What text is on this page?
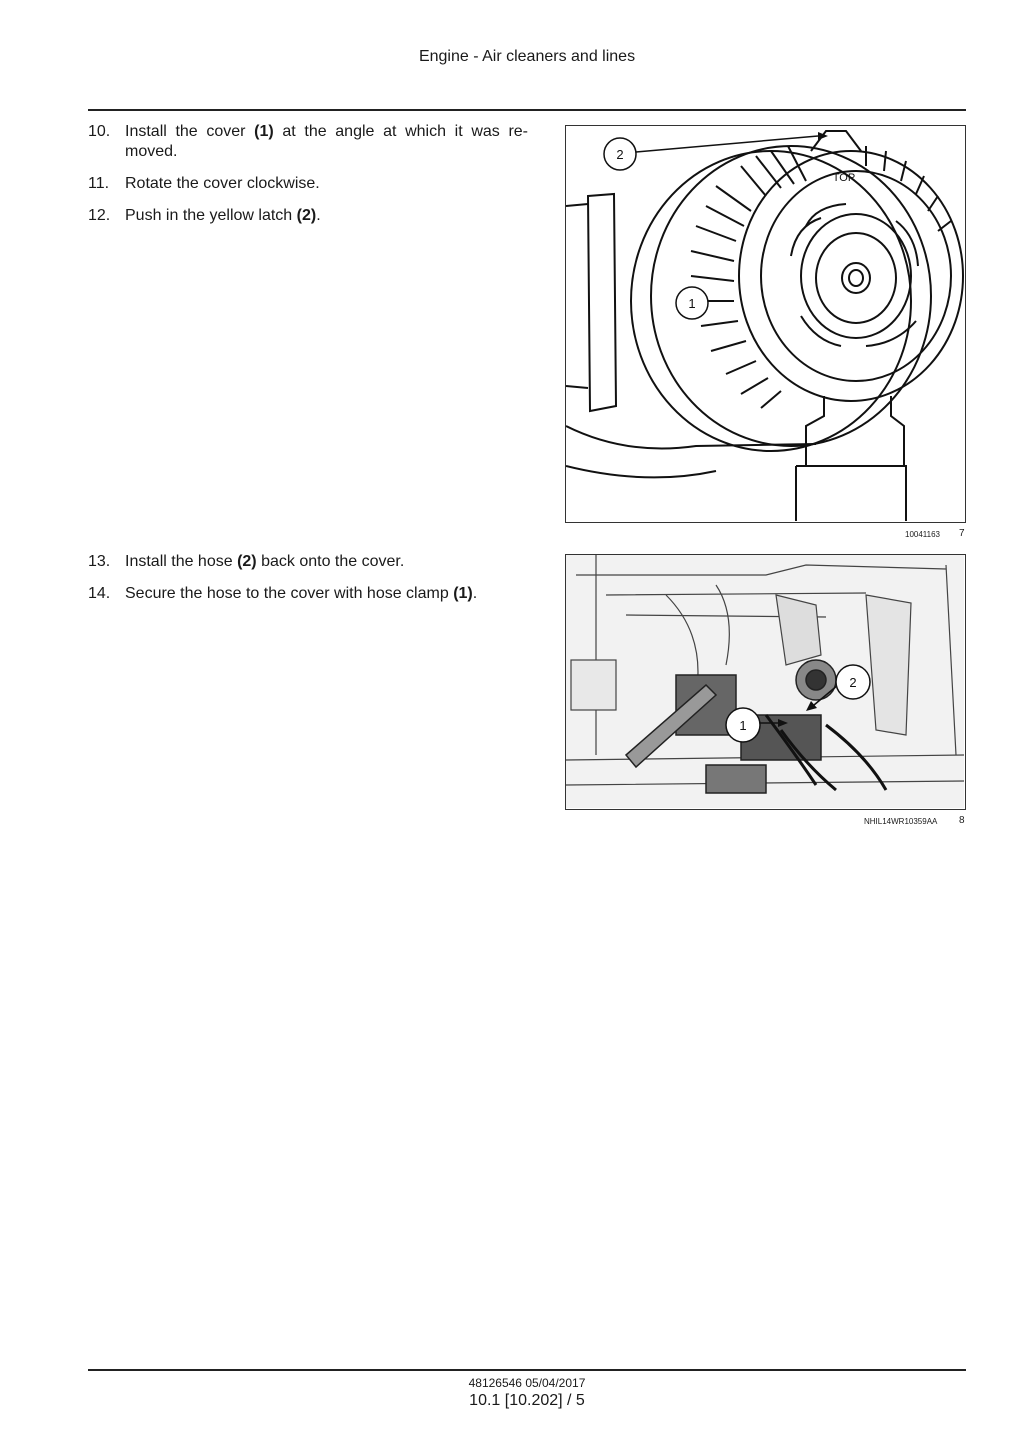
Engine - Air cleaners and lines
10. Install the cover (1) at the angle at which it was re-moved.
11. Rotate the cover clockwise.
12. Push in the yellow latch (2).
2
1
TOP
10041163 7
13. Install the hose (2) back onto the cover.
14. Secure the hose to the cover with hose clamp (1).
2
1
NHIL14WR10359AA 8
48126546 05/04/2017
10.1 [10.202] / 5
